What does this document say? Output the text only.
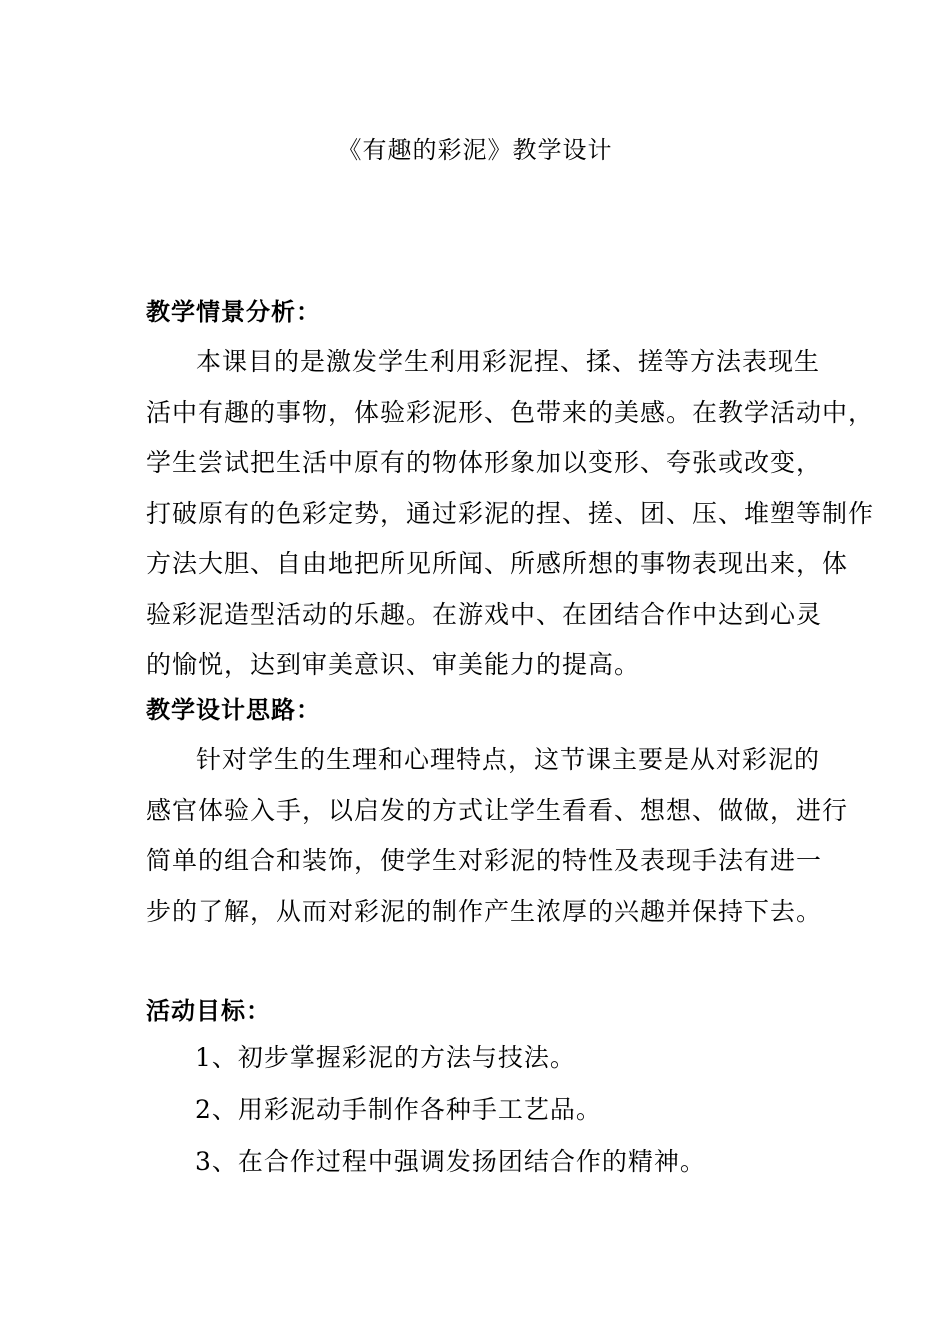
《有趣的彩泥》教学设计
教学情景分析：
本课目的是激发学生利用彩泥捏、揉、搓等方法表现生
活中有趣的事物，体验彩泥形、色带来的美感。在教学活动中，
学生尝试把生活中原有的物体形象加以变形、夸张或改变，
打破原有的色彩定势，通过彩泥的捏、搓、团、压、堆塑等制作
方法大胆、自由地把所见所闻、所感所想的事物表现出来，体
验彩泥造型活动的乐趣。在游戏中、在团结合作中达到心灵
的愉悦，达到审美意识、审美能力的提高。
教学设计思路：
针对学生的生理和心理特点，这节课主要是从对彩泥的
感官体验入手，以启发的方式让学生看看、想想、做做，进行
简单的组合和装饰，使学生对彩泥的特性及表现手法有进一
步的了解，从而对彩泥的制作产生浓厚的兴趣并保持下去。
活动目标：
1、初步掌握彩泥的方法与技法。
2、用彩泥动手制作各种手工艺品。
3、在合作过程中强调发扬团结合作的精神。
